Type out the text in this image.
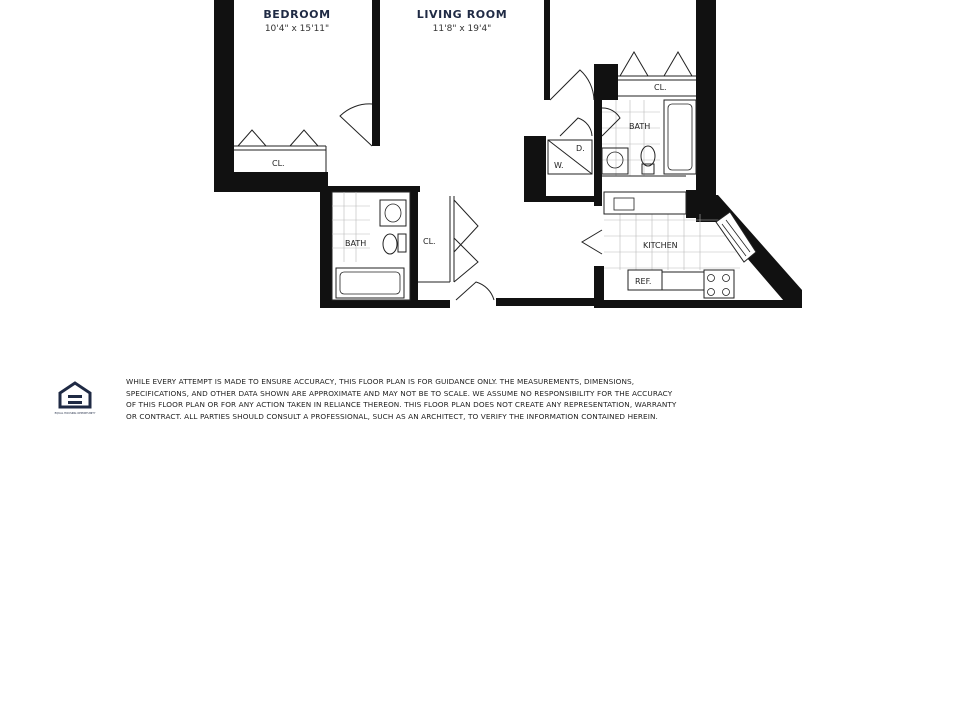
BEDROOM
10'4" x 15'11"
CL.
LIVING ROOM
11'8" x 19'4"
CL.
BATH	CL.
W.
D.
BATH
KITCHEN
REF.
EQUAL HOUSING OPPORTUNITY
WHILE EVERY ATTEMPT IS MADE TO ENSURE ACCURACY, THIS FLOOR PLAN IS FOR GUIDANCE ONLY. THE MEASUREMENTS, DIMENSIONS,
SPECIFICATIONS, AND OTHER DATA SHOWN ARE APPROXIMATE AND MAY NOT BE TO SCALE. WE ASSUME NO RESPONSIBILITY FOR THE ACCURACY
OF THIS FLOOR PLAN OR FOR ANY ACTION TAKEN IN RELIANCE THEREON. THIS FLOOR PLAN DOES NOT CREATE ANY REPRESENTATION, WARRANTY
OR CONTRACT. ALL PARTIES SHOULD CONSULT A PROFESSIONAL, SUCH AS AN ARCHITECT, TO VERIFY THE INFORMATION CONTAINED HEREIN.
